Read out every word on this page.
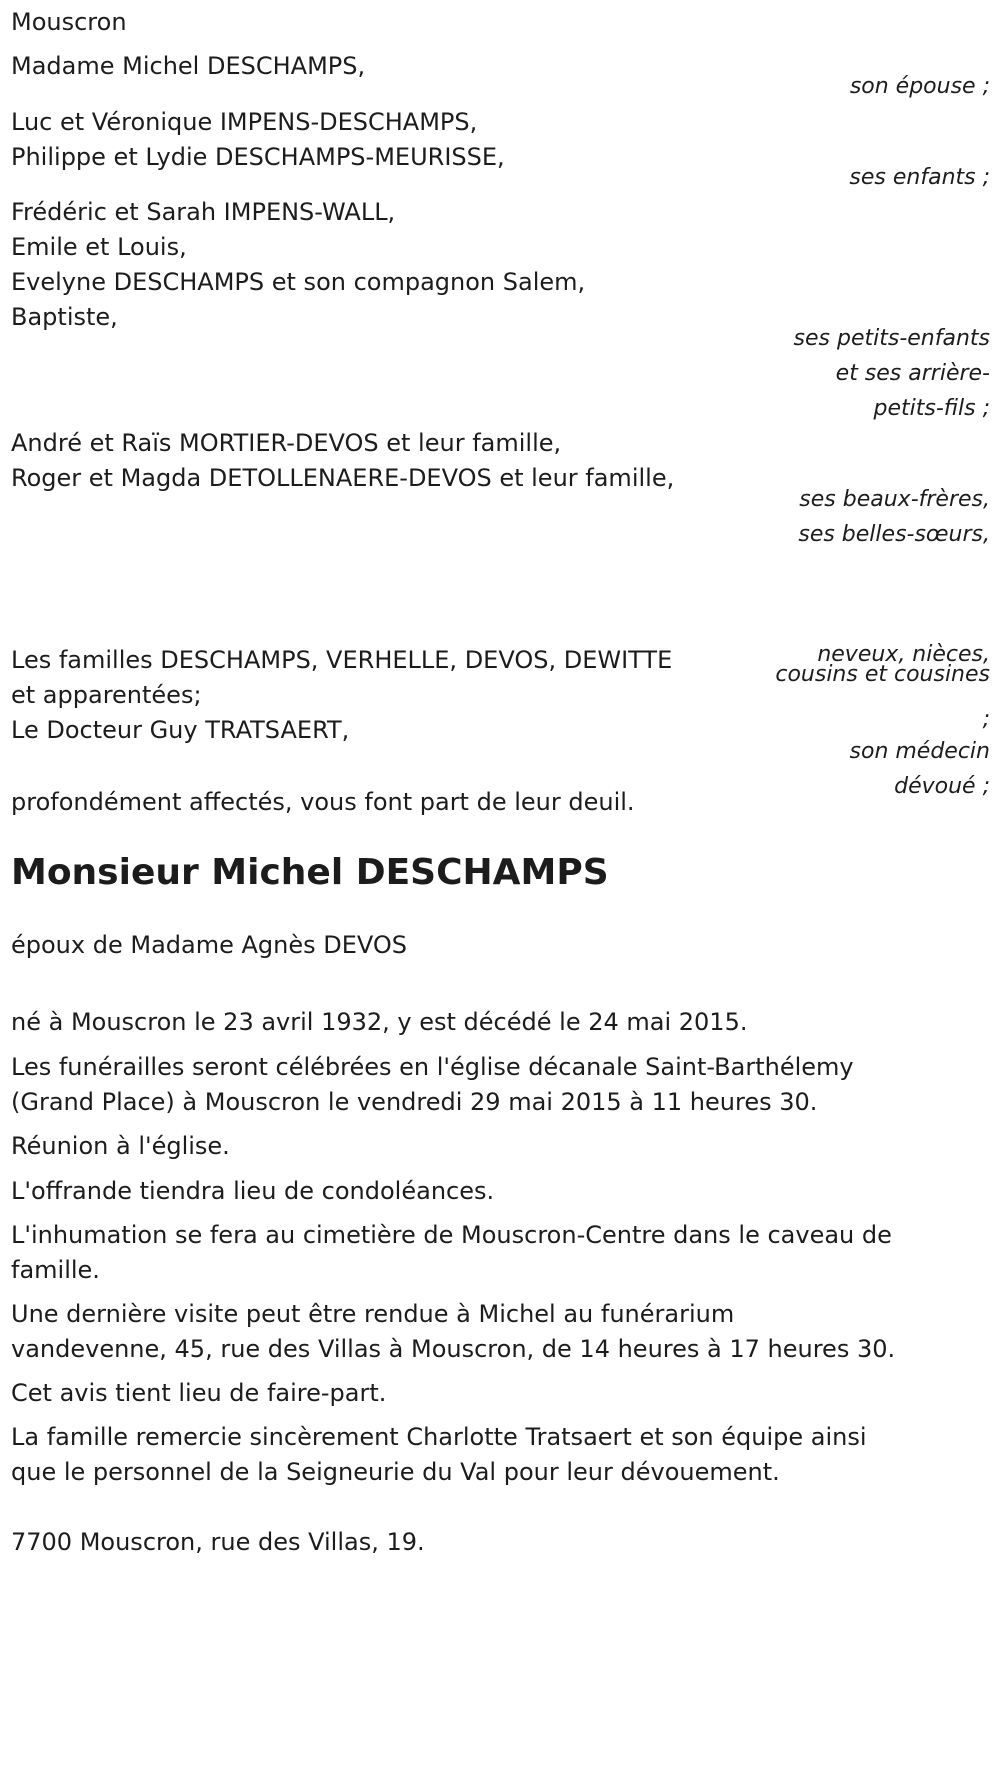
Mouscron
Madame Michel DESCHAMPS,
son épouse ;
Luc et Véronique IMPENS-DESCHAMPS,
Philippe et Lydie DESCHAMPS-MEURISSE,
ses enfants ;
Frédéric et Sarah IMPENS-WALL,
Emile et Louis,
Evelyne DESCHAMPS et son compagnon Salem,
Baptiste,
ses petits-enfants
et ses arrière-
petits-fils ;
André et Raïs MORTIER-DEVOS et leur famille,
Roger et Magda DETOLLENAERE-DEVOS et leur famille,
ses beaux-frères,
ses belles-sœurs,
neveux, nièces,
cousins et cousines
;
Les familles DESCHAMPS, VERHELLE, DEVOS, DEWITTE
et apparentées;
Le Docteur Guy TRATSAERT,
son médecin
dévoué ;
profondément affectés, vous font part de leur deuil.
Monsieur Michel DESCHAMPS
époux de Madame Agnès DEVOS
né à Mouscron le 23 avril 1932, y est décédé le 24 mai 2015.
Les funérailles seront célébrées en l'église décanale Saint-Barthélemy
(Grand Place) à Mouscron le vendredi 29 mai 2015 à 11 heures 30.
Réunion à l'église.
L'offrande tiendra lieu de condoléances.
L'inhumation se fera au cimetière de Mouscron-Centre dans le caveau de
famille.
Une dernière visite peut être rendue à Michel au funérarium
vandevenne, 45, rue des Villas à Mouscron, de 14 heures à 17 heures 30.
Cet avis tient lieu de faire-part.
La famille remercie sincèrement Charlotte Tratsaert et son équipe ainsi
que le personnel de la Seigneurie du Val pour leur dévouement.
7700 Mouscron, rue des Villas, 19.
